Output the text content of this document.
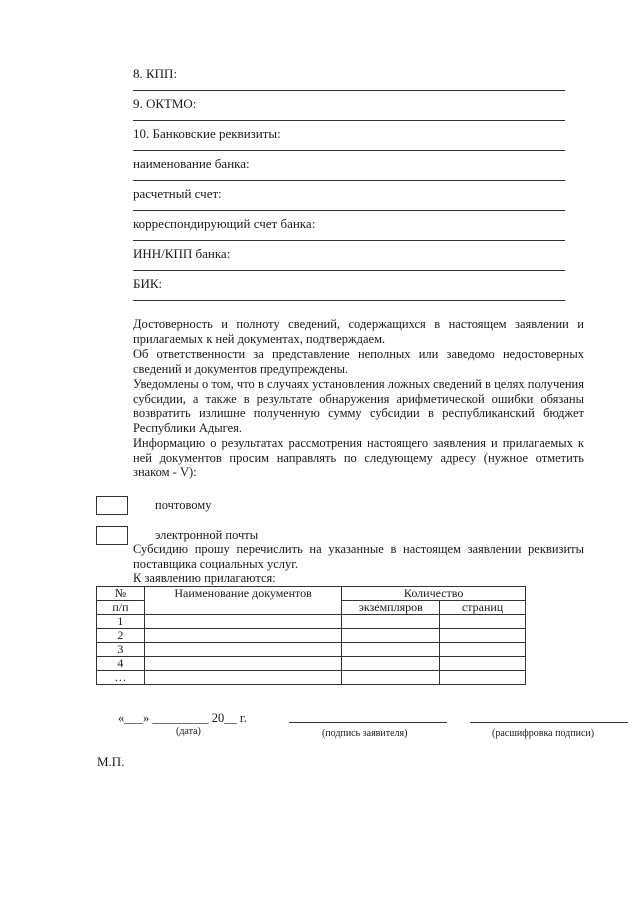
8. КПП:
9. ОКТМО:
10. Банковские реквизиты:
наименование банка:
расчетный счет:
корреспондирующий счет банка:
ИНН/КПП банка:
БИК:
Достоверность и полноту сведений, содержащихся в настоящем заявлении и прилагаемых к ней документах, подтверждаем.
Об ответственности за представление неполных или заведомо недостоверных сведений и документов предупреждены.
Уведомлены о том, что в случаях установления ложных сведений в целях получения субсидии, а также в результате обнаружения арифметической ошибки обязаны возвратить излишне полученную сумму субсидии в республиканский бюджет Республики Адыгея.
Информацию о результатах рассмотрения настоящего заявления и прилагаемых к ней документов просим направлять по следующему адресу (нужное отметить знаком - V):
почтовому
электронной почты
Субсидию прошу перечислить на указанные в настоящем заявлении реквизиты поставщика социальных услуг.
К заявлению прилагаются:
№	Наименование документов	Количество	
п/п		экземпляров	страниц
1			
2			
3			
4			
…			
«___» _________ 20__ г.
(дата)	(подпись заявителя)	(расшифровка подписи)
М.П.
